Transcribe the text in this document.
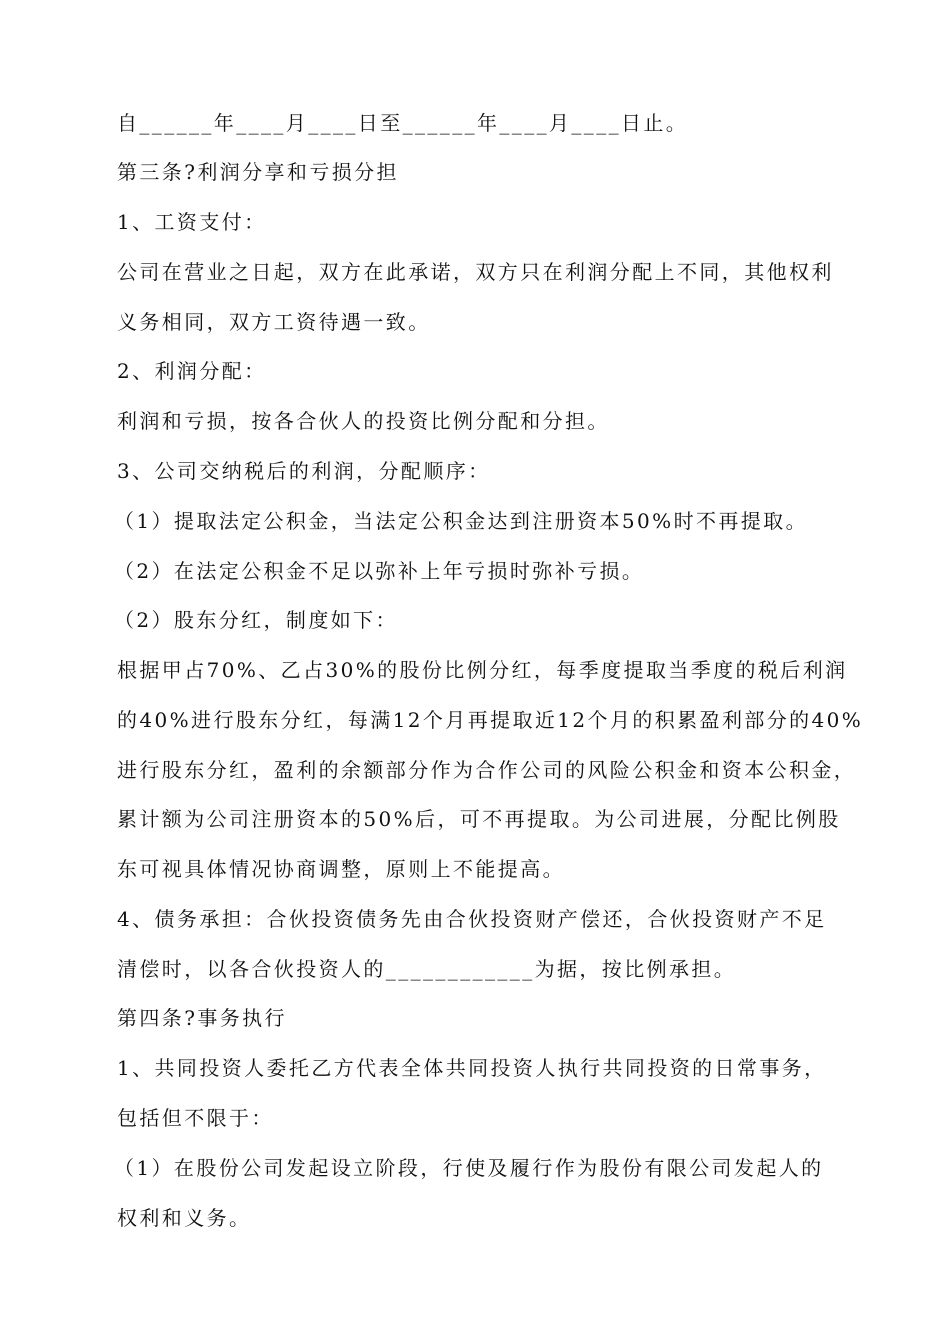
自______年____月____日至______年____月____日止。

第三条?利润分享和亏损分担

1、工资支付：

公司在营业之日起，双方在此承诺，双方只在利润分配上不同，其他权利

义务相同，双方工资待遇一致。

2、利润分配：

利润和亏损，按各合伙人的投资比例分配和分担。

3、公司交纳税后的利润，分配顺序：

（1）提取法定公积金，当法定公积金达到注册资本50%时不再提取。

（2）在法定公积金不足以弥补上年亏损时弥补亏损。

（2）股东分红，制度如下：

根据甲占70%、乙占30%的股份比例分红，每季度提取当季度的税后利润

的40%进行股东分红，每满12个月再提取近12个月的积累盈利部分的40%

进行股东分红，盈利的余额部分作为合作公司的风险公积金和资本公积金，

累计额为公司注册资本的50%后，可不再提取。为公司进展，分配比例股

东可视具体情况协商调整，原则上不能提高。

4、债务承担：合伙投资债务先由合伙投资财产偿还，合伙投资财产不足

清偿时，以各合伙投资人的____________为据，按比例承担。

第四条?事务执行

1、共同投资人委托乙方代表全体共同投资人执行共同投资的日常事务，

包括但不限于：

（1）在股份公司发起设立阶段，行使及履行作为股份有限公司发起人的

权利和义务。
